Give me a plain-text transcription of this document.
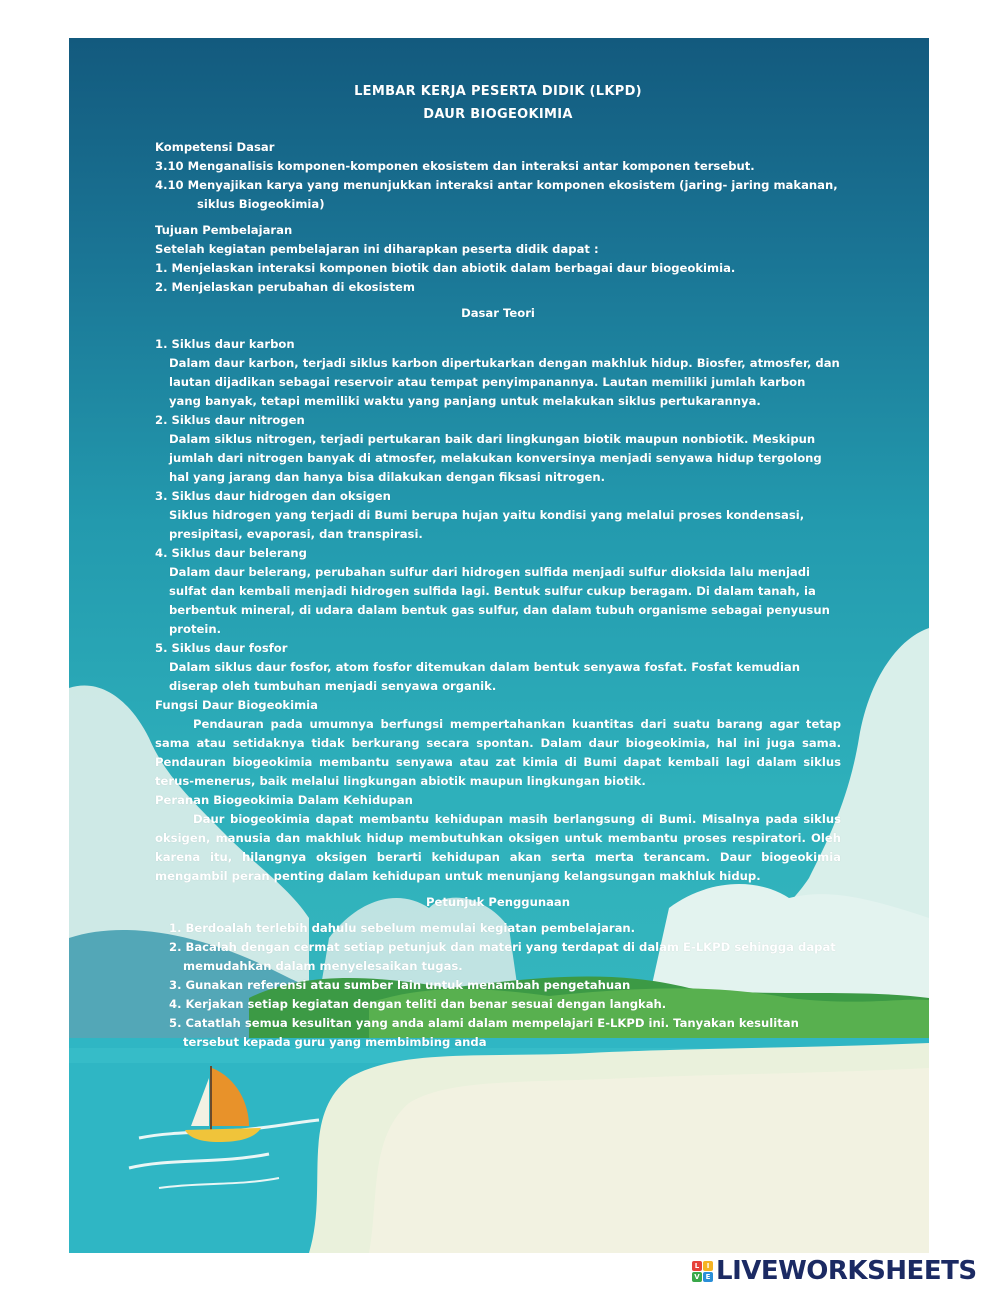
LEMBAR KERJA PESERTA DIDIK (LKPD)
DAUR BIOGEOKIMIA

Kompetensi Dasar

3.10 Menganalisis komponen-komponen ekosistem dan interaksi antar komponen tersebut.

4.10 Menyajikan karya yang menunjukkan interaksi antar komponen ekosistem (jaring- jaring makanan, siklus Biogeokimia)

Tujuan Pembelajaran

Setelah kegiatan pembelajaran ini diharapkan peserta didik dapat :

1. Menjelaskan interaksi komponen biotik dan abiotik dalam berbagai daur biogeokimia.

2. Menjelaskan perubahan di ekosistem

Dasar Teori

1. Siklus daur karbon

Dalam daur karbon, terjadi siklus karbon dipertukarkan dengan makhluk hidup. Biosfer, atmosfer, dan lautan dijadikan sebagai reservoir atau tempat penyimpanannya. Lautan memiliki jumlah karbon yang banyak, tetapi memiliki waktu yang panjang untuk melakukan siklus pertukarannya.

2. Siklus daur nitrogen

Dalam siklus nitrogen, terjadi pertukaran baik dari lingkungan biotik maupun nonbiotik. Meskipun jumlah dari nitrogen banyak di atmosfer, melakukan konversinya menjadi senyawa hidup tergolong hal yang jarang dan hanya bisa dilakukan dengan fiksasi nitrogen.

3. Siklus daur hidrogen dan oksigen

Siklus hidrogen yang terjadi di Bumi berupa hujan yaitu kondisi yang melalui proses kondensasi, presipitasi, evaporasi, dan transpirasi.

4. Siklus daur belerang

Dalam daur belerang, perubahan sulfur dari hidrogen sulfida menjadi sulfur dioksida lalu menjadi sulfat dan kembali menjadi hidrogen sulfida lagi. Bentuk sulfur cukup beragam. Di dalam tanah, ia berbentuk mineral, di udara dalam bentuk gas sulfur, dan dalam tubuh organisme sebagai penyusun protein.

5. Siklus daur fosfor

Dalam siklus daur fosfor, atom fosfor ditemukan dalam bentuk senyawa fosfat. Fosfat kemudian diserap oleh tumbuhan menjadi senyawa organik.

Fungsi Daur Biogeokimia

Pendauran pada umumnya berfungsi mempertahankan kuantitas dari suatu barang agar tetap sama atau setidaknya tidak berkurang secara spontan. Dalam daur biogeokimia, hal ini juga sama. Pendauran biogeokimia membantu senyawa atau zat kimia di Bumi dapat kembali lagi dalam siklus terus-menerus, baik melalui lingkungan abiotik maupun lingkungan biotik.

Peranan Biogeokimia Dalam Kehidupan

Daur biogeokimia dapat membantu kehidupan masih berlangsung di Bumi. Misalnya pada siklus oksigen, manusia dan makhluk hidup membutuhkan oksigen untuk membantu proses respiratori. Oleh karena itu, hilangnya oksigen berarti kehidupan akan serta merta terancam. Daur biogeokimia mengambil peran penting dalam kehidupan untuk menunjang kelangsungan makhluk hidup.

Petunjuk Penggunaan

1. Berdoalah terlebih dahulu sebelum memulai kegiatan pembelajaran.

2. Bacalah dengan cermat setiap petunjuk dan materi yang terdapat di dalam E-LKPD sehingga dapat memudahkan dalam menyelesaikan tugas.

3. Gunakan referensi atau sumber lain untuk menambah pengetahuan

4. Kerjakan setiap kegiatan dengan teliti dan benar sesuai dengan langkah.

5. Catatlah semua kesulitan yang anda alami dalam mempelajari E-LKPD ini. Tanyakan kesulitan tersebut kepada guru yang membimbing anda

L	I
V E LIVEWORKSHEETS
